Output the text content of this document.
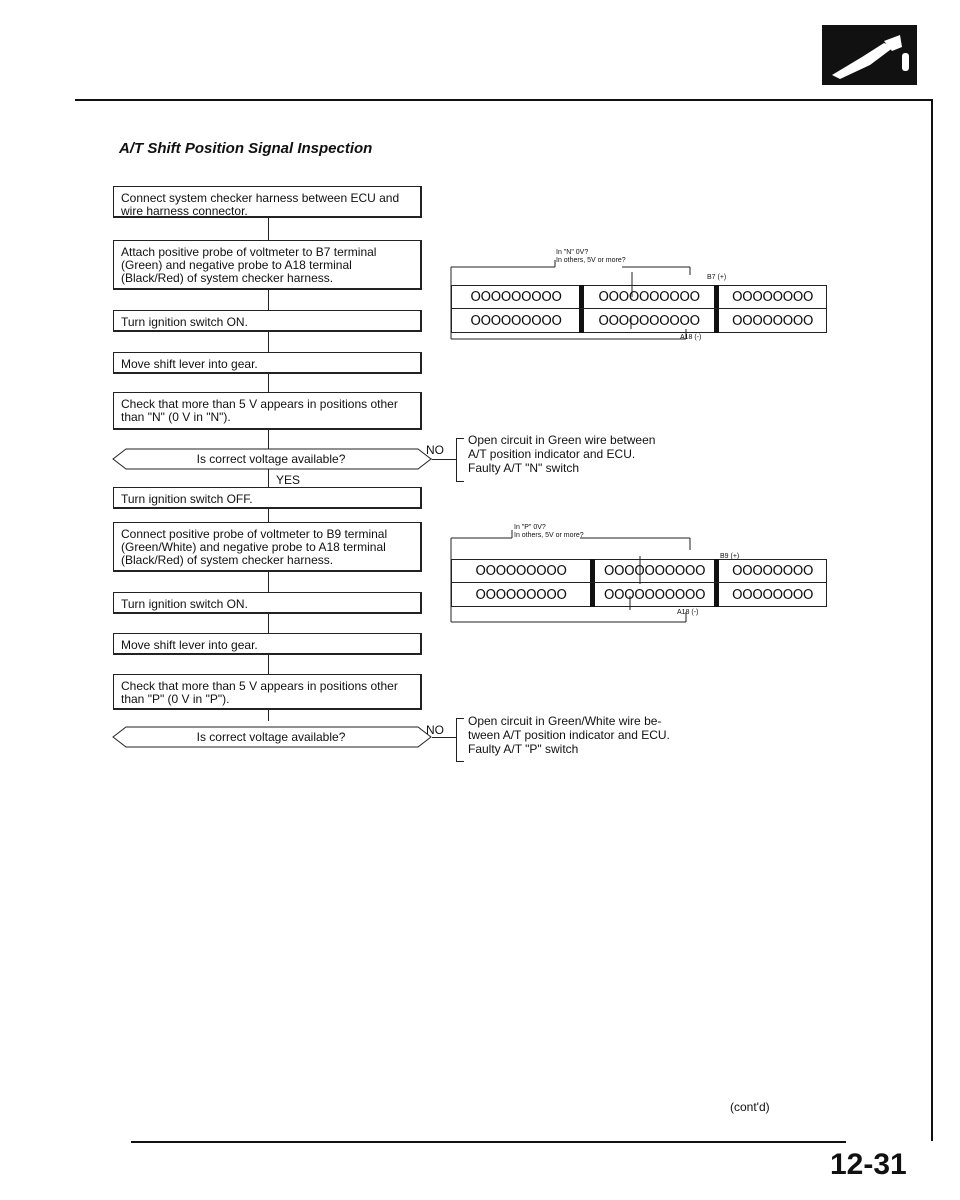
A/T Shift Position Signal Inspection
Connect system checker harness between ECU and wire harness connector.
Attach positive probe of voltmeter to B7 terminal (Green) and negative probe to A18 terminal (Black/Red) of system checker harness.
Turn ignition switch ON.
Move shift lever into gear.
Check that more than 5 V appears in positions other than "N" (0 V in "N").
Is correct voltage available?
NO
YES
Open circuit in Green wire between
A/T position indicator and ECU.
Faulty A/T "N" switch
Turn ignition switch OFF.
Connect positive probe of voltmeter to B9 terminal (Green/White) and negative probe to A18 terminal (Black/Red) of system checker harness.
Turn ignition switch ON.
Move shift lever into gear.
Check that more than 5 V appears in positions other than "P" (0 V in "P").
Is correct voltage available?	NO
Open circuit in Green/White wire be-
tween A/T position indicator and ECU.
Faulty A/T "P" switch
In "N" 0V?
In others, 5V or more?
B7 (+)
A18 (-)
OOOOOOOOO
OOOOOOOOO
OOOOOOOOOO
OOOOOOOOOO
OOOOOOOO
OOOOOOOO
In "P" 0V?
In others, 5V or more?
B9 (+)
A18 (-)
OOOOOOOOO
OOOOOOOOO
OOOOOOOOOO
OOOOOOOOOO
OOOOOOOO
OOOOOOOO
(cont'd)
12-31
